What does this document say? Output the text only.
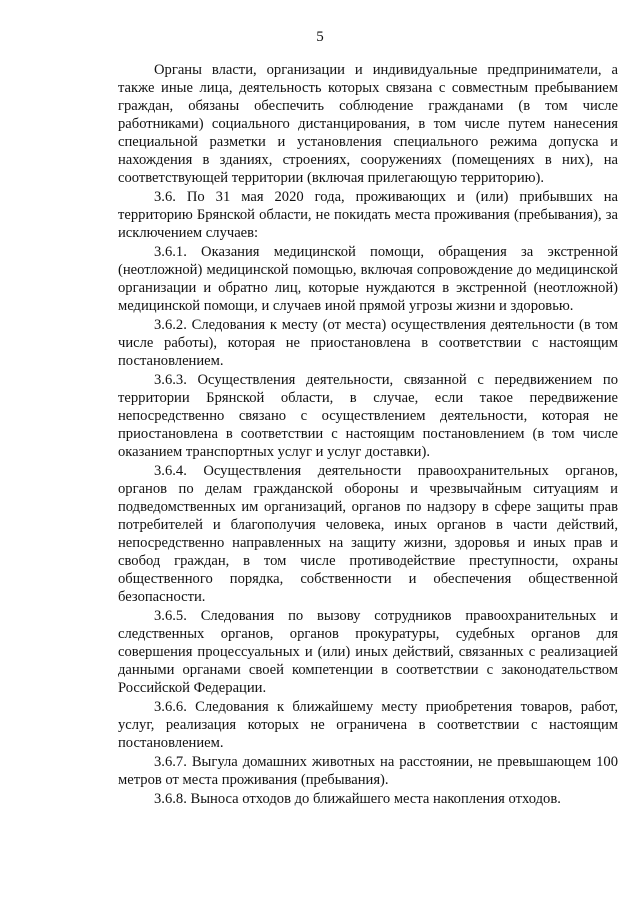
5

Органы власти, организации и индивидуальные предприниматели, а также иные лица, деятельность которых связана с совместным пребыванием граждан, обязаны обеспечить соблюдение гражданами (в том числе работниками) социального дистанцирования, в том числе путем нанесения специальной разметки и установления специального режима допуска и нахождения в зданиях, строениях, сооружениях (помещениях в них), на соответствующей территории (включая прилегающую территорию).

3.6. По 31 мая 2020 года, проживающих и (или) прибывших на территорию Брянской области, не покидать места проживания (пребывания), за исключением случаев:

3.6.1. Оказания медицинской помощи, обращения за экстренной (неотложной) медицинской помощью, включая сопровождение до медицинской организации и обратно лиц, которые нуждаются в экстренной (неотложной) медицинской помощи, и случаев иной прямой угрозы жизни и здоровью.

3.6.2. Следования к месту (от места) осуществления деятельности (в том числе работы), которая не приостановлена в соответствии с настоящим постановлением.

3.6.3. Осуществления деятельности, связанной с передвижением по территории Брянской области, в случае, если такое передвижение непосредственно связано с осуществлением деятельности, которая не приостановлена в соответствии с настоящим постановлением (в том числе оказанием транспортных услуг и услуг доставки).

3.6.4. Осуществления деятельности правоохранительных органов, органов по делам гражданской обороны и чрезвычайным ситуациям и подведомственных им организаций, органов по надзору в сфере защиты прав потребителей и благополучия человека, иных органов в части действий, непосредственно направленных на защиту жизни, здоровья и иных прав и свобод граждан, в том числе противодействие преступности, охраны общественного порядка, собственности и обеспечения общественной безопасности.

3.6.5. Следования по вызову сотрудников правоохранительных и следственных органов, органов прокуратуры, судебных органов для совершения процессуальных и (или) иных действий, связанных с реализацией данными органами своей компетенции в соответствии с законодательством Российской Федерации.

3.6.6. Следования к ближайшему месту приобретения товаров, работ, услуг, реализация которых не ограничена в соответствии с настоящим постановлением.

3.6.7. Выгула домашних животных на расстоянии, не превышающем 100 метров от места проживания (пребывания).

3.6.8. Выноса отходов до ближайшего места накопления отходов.
